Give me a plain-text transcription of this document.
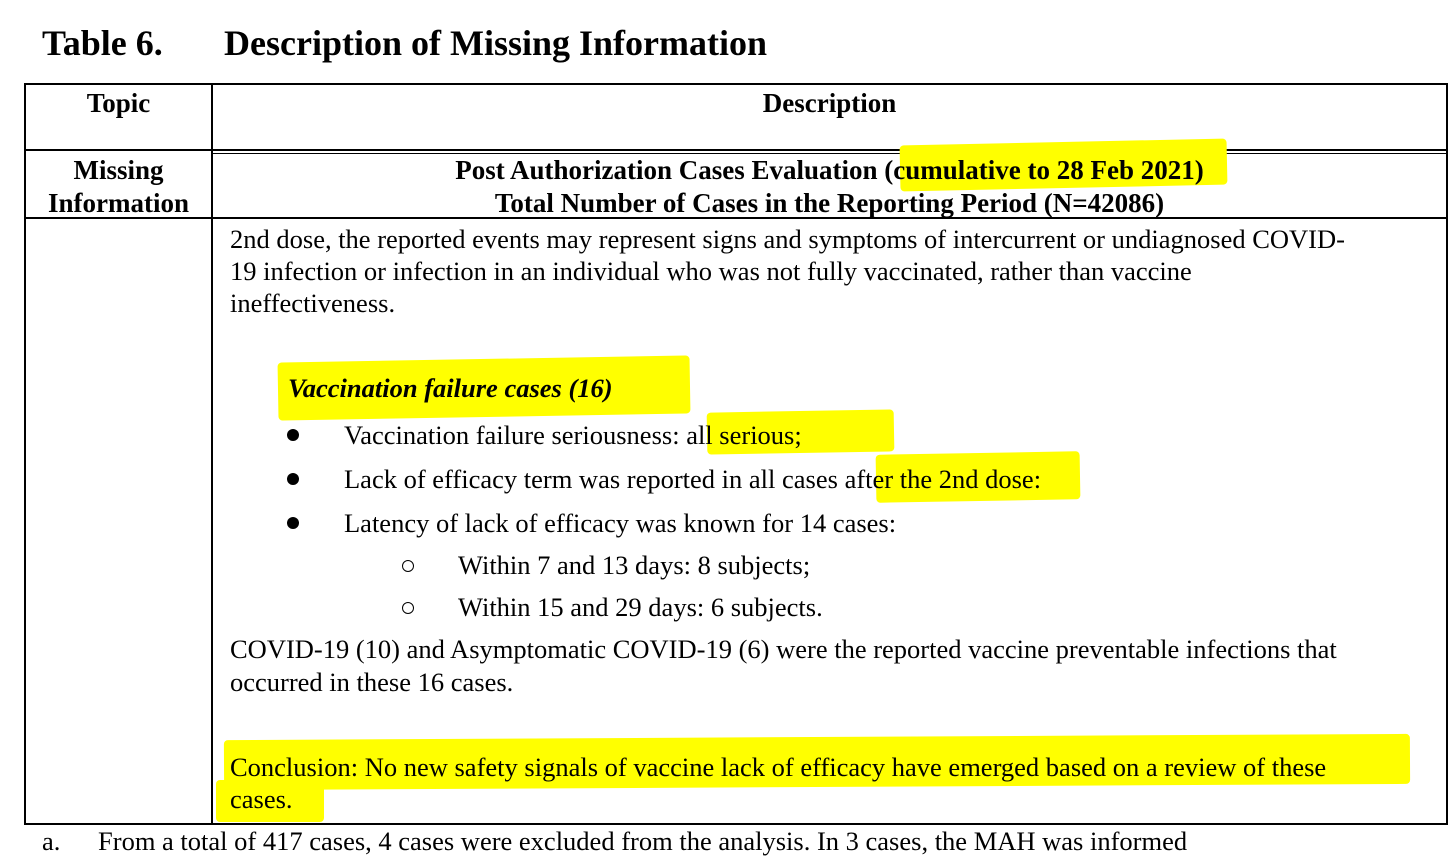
Table 6. Description of Missing Information
Topic	Description
Missing
Information
Post Authorization Cases Evaluation (cumulative to 28 Feb 2021)
Total Number of Cases in the Reporting Period (N=42086)
2nd dose, the reported events may represent signs and symptoms of intercurrent or undiagnosed COVID-
19 infection or infection in an individual who was not fully vaccinated, rather than vaccine
ineffectiveness.
Vaccination failure cases (16)
Vaccination failure seriousness: all serious;
Lack of efficacy term was reported in all cases after the 2nd dose:
Latency of lack of efficacy was known for 14 cases:
Within 7 and 13 days: 8 subjects;
Within 15 and 29 days: 6 subjects.
COVID-19 (10) and Asymptomatic COVID-19 (6) were the reported vaccine preventable infections that
occurred in these 16 cases.
Conclusion: No new safety signals of vaccine lack of efficacy have emerged based on a review of these
cases.
a. From a total of 417 cases, 4 cases were excluded from the analysis. In 3 cases, the MAH was informed
